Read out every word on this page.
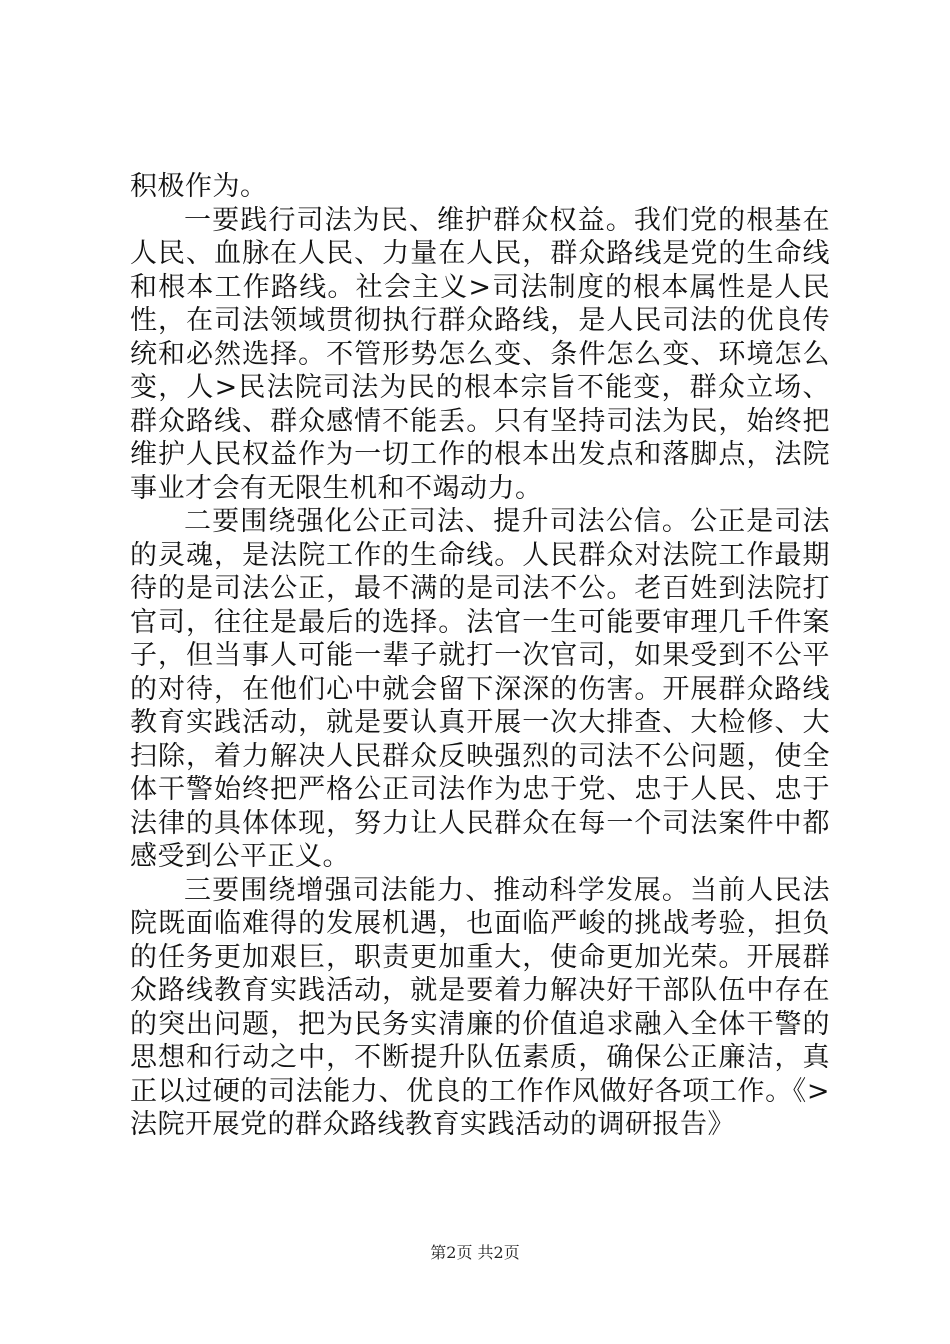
积极作为。

一要践行司法为民、维护群众权益。我们党的根基在人民、血脉在人民、力量在人民，群众路线是党的生命线和根本工作路线。社会主义>司法制度的根本属性是人民性，在司法领域贯彻执行群众路线，是人民司法的优良传统和必然选择。不管形势怎么变、条件怎么变、环境怎么变，人>民法院司法为民的根本宗旨不能变，群众立场、群众路线、群众感情不能丢。只有坚持司法为民，始终把维护人民权益作为一切工作的根本出发点和落脚点，法院事业才会有无限生机和不竭动力。

二要围绕强化公正司法、提升司法公信。公正是司法的灵魂，是法院工作的生命线。人民群众对法院工作最期待的是司法公正，最不满的是司法不公。老百姓到法院打官司，往往是最后的选择。法官一生可能要审理几千件案子，但当事人可能一辈子就打一次官司，如果受到不公平的对待，在他们心中就会留下深深的伤害。开展群众路线教育实践活动，就是要认真开展一次大排查、大检修、大扫除，着力解决人民群众反映强烈的司法不公问题，使全体干警始终把严格公正司法作为忠于党、忠于人民、忠于法律的具体体现，努力让人民群众在每一个司法案件中都感受到公平正义。

三要围绕增强司法能力、推动科学发展。当前人民法院既面临难得的发展机遇，也面临严峻的挑战考验，担负的任务更加艰巨，职责更加重大，使命更加光荣。开展群众路线教育实践活动，就是要着力解决好干部队伍中存在的突出问题，把为民务实清廉的价值追求融入全体干警的思想和行动之中，不断提升队伍素质，确保公正廉洁，真正以过硬的司法能力、优良的工作作风做好各项工作。《>法院开展党的群众路线教育实践活动的调研报告》

第2页 共2页
